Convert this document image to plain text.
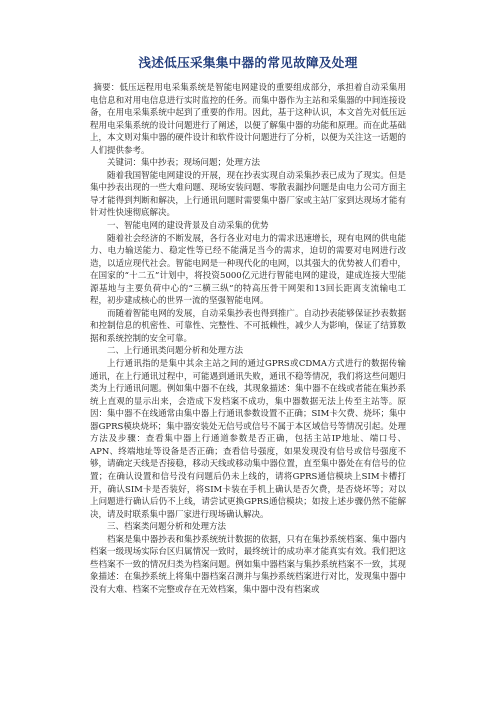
浅述低压采集集中器的常见故障及处理

摘要：低压远程用电采集系统是智能电网建设的重要组成部分，承担着自动采集用电信息和对用电信息进行实时监控的任务。而集中器作为主站和采集器的中间连接设备，在用电采集系统中起到了重要的作用。因此，基于这种认识，本文首先对低压远程用电采集系统的设计问题进行了阐述，以便了解集中器的功能和原理。而在此基础上，本文则对集中器的硬件设计和软件设计问题进行了分析，以便为关注这一话题的人们提供参考。

关键词：集中抄表；现场问题；处理方法

随着我国智能电网建设的开展，现在抄表实现自动采集抄表已成为了现实。但是集中抄表出现的一些大难问题、现场安装问题、零散表漏抄问题是由电力公司方面主导才能得到判断和解决，上行通讯问题时需要集中器厂家或主站厂家到达现场才能有针对性快速彻底解决。

一、智能电网的建设背景及自动采集的优势

随着社会经济的不断发展，各行各业对电力的需求迅速增长，现有电网的供电能力、电力输送能力、稳定性等已经不能满足当今的需求，迫切的需要对电网进行改造，以适应现代社会。智能电网是一种现代化的电网，以其强大的优势被人们看中，在国家的“十二五”计划中，将投资5000亿元进行智能电网的建设，建成连接大型能源基地与主要负荷中心的“三横三纵”的特高压骨干网架和13回长距离支流输电工程，初步建成核心的世界一流的坚强智能电网。

而随着智能电网的发展，自动采集抄表也得到推广。自动抄表能够保证抄表数据和控制信息的机密性、可靠性、完整性、不可抵赖性，减少人为影响，保证了结算数据和系统控制的安全可靠。

二、上行通讯类问题分析和处理方法

上行通讯指的是集中其余主站之间的通过GPRS或CDMA方式进行的数据传输通讯，在上行通讯过程中，可能遇到通讯失败，通讯不稳等情况，我们将这些问题归类为上行通讯问题。例如集中器不在线，其现象描述：集中器不在线或者能在集抄系统上直观的显示出来，会造成下发档案不成功，集中器数据无法上传至主站等。原因：集中器不在线通常由集中器上行通讯参数设置不正确；SIM卡欠费、烧坏；集中器GPRS模块烧坏；集中器安装处无信号或信号不属于本区域信号等情况引起。处理方法及步骤：查看集中器上行通道参数是否正确，包括主站IP地址、端口号、APN、终端地址等设备是否正确；查看信号强度，如果发现没有信号或信号强度不够，请确定天线是否接稳，移动天线或移动集中器位置，直至集中器处在有信号的位置；在确认设置和信号没有问题后仍未上线的，请将GPRS通信模块上SIM卡槽打开，确认SIM卡是否装好，将SIM卡装在手机上确认是否欠费，是否烧坏等；对以上问题进行确认后仍不上线，请尝试更换GPRS通信模块；如按上述步骤仍然不能解决，请及时联系集中器厂家进行现场确认解决。

三、档案类问题分析和处理方法

档案是集中器抄表和集抄系统统计数据的依据，只有在集抄系统档案、集中器内档案一级现场实际台区归属情况一致时，最终统计的成功率才能真实有效。我们把这些档案不一致的情况归类为档案问题。例如集中器档案与集抄系统档案不一致，其现象描述：在集抄系统上将集中器档案召测并与集抄系统档案进行对比，发现集中器中没有大难、档案不完整或存在无效档案，集中器中没有档案或
